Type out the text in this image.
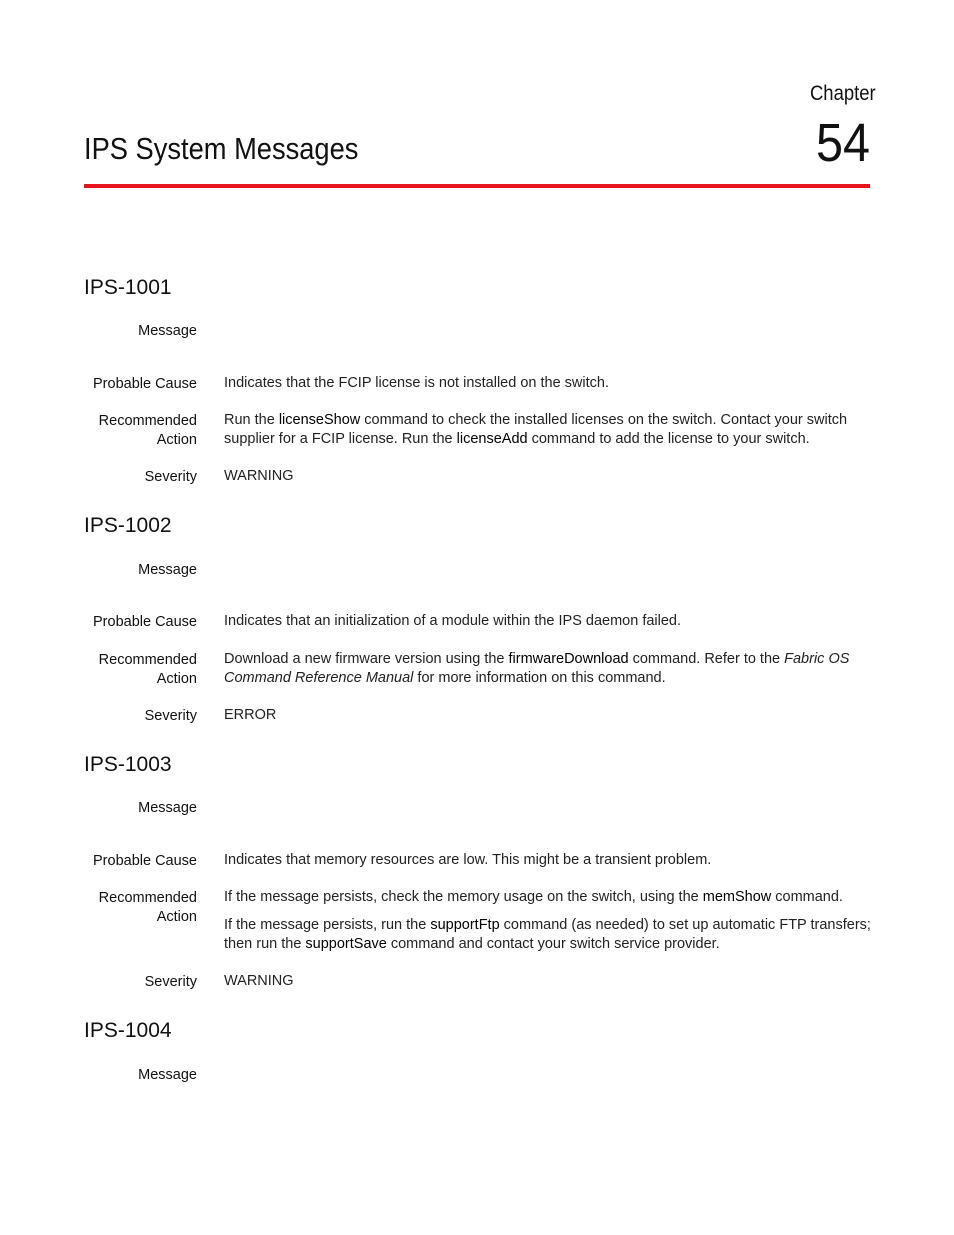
Chapter
54
IPS System Messages
IPS-1001
Message
Probable Cause Indicates that the FCIP license is not installed on the switch.
Recommended
Action
Run the licenseShow command to check the installed licenses on the switch. Contact your switch supplier for a FCIP license. Run the licenseAdd command to add the license to your switch.
Severity WARNING
IPS-1002
Message
Probable Cause Indicates that an initialization of a module within the IPS daemon failed.
Recommended
Action
Download a new firmware version using the firmwareDownload command. Refer to the Fabric OS Command Reference Manual for more information on this command.
Severity ERROR
IPS-1003
Message
Probable Cause Indicates that memory resources are low. This might be a transient problem.
Recommended
Action
If the message persists, check the memory usage on the switch, using the memShow command.
If the message persists, run the supportFtp command (as needed) to set up automatic FTP transfers; then run the supportSave command and contact your switch service provider.
Severity WARNING
IPS-1004
Message
